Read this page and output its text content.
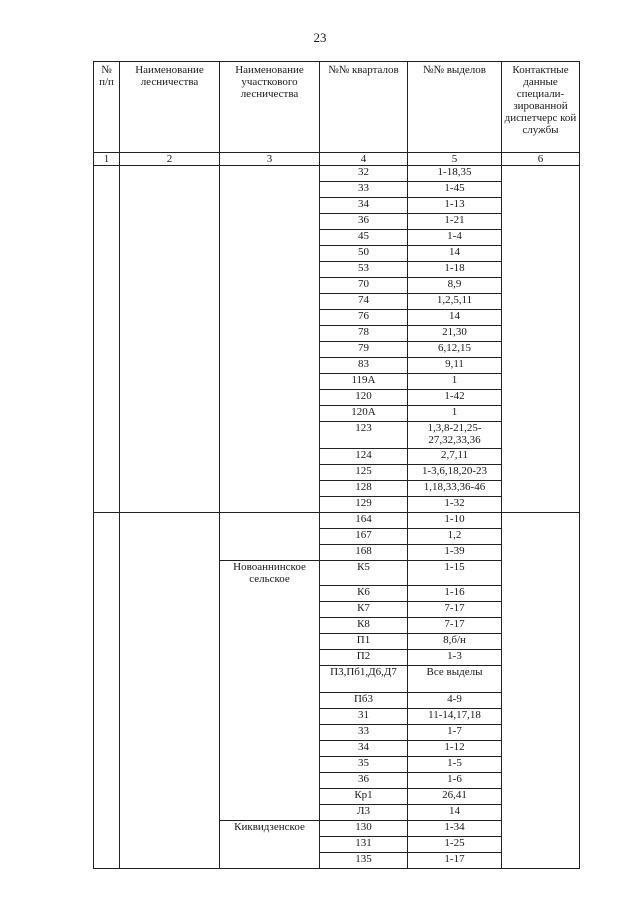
23
№ п/п	Наименование лесничества	Наименование участкового лесничества	№№ кварталов	№№ выделов	Контактные данные специали-зированной диспетчерс кой службы
1	2	3	4	5	6
			32	1-18,35	
			33	1-45	
			34	1-13	
			36	1-21	
			45	1-4	
			50	14	
			53	1-18	
			70	8,9	
			74	1,2,5,11	
			76	14	
			78	21,30	
			79	6,12,15	
			83	9,11	
			119А	1	
			120	1-42	
			120А	1	
			123	1,3,8-21,25-27,32,33,36	
			124	2,7,11	
			125	1-3,6,18,20-23	
			128	1,18,33,36-46	
			129	1-32	
			164	1-10	
			167	1,2	
			168	1-39	
		Новоаннинское сельское	К5	1-15	
			К6	1-16	
			К7	7-17	
			К8	7-17	
			П1	8,б/н	
			П2	1-3	
			П3,Пб1,Д6,Д7	Все выделы	
			Пб3	4-9	
			31	11-14,17,18	
			33	1-7	
			34	1-12	
			35	1-5	
			36	1-6	
			Кр1	26,41	
			Л3	14	
		Киквидзенское	130	1-34	
			131	1-25	
			135	1-17	
